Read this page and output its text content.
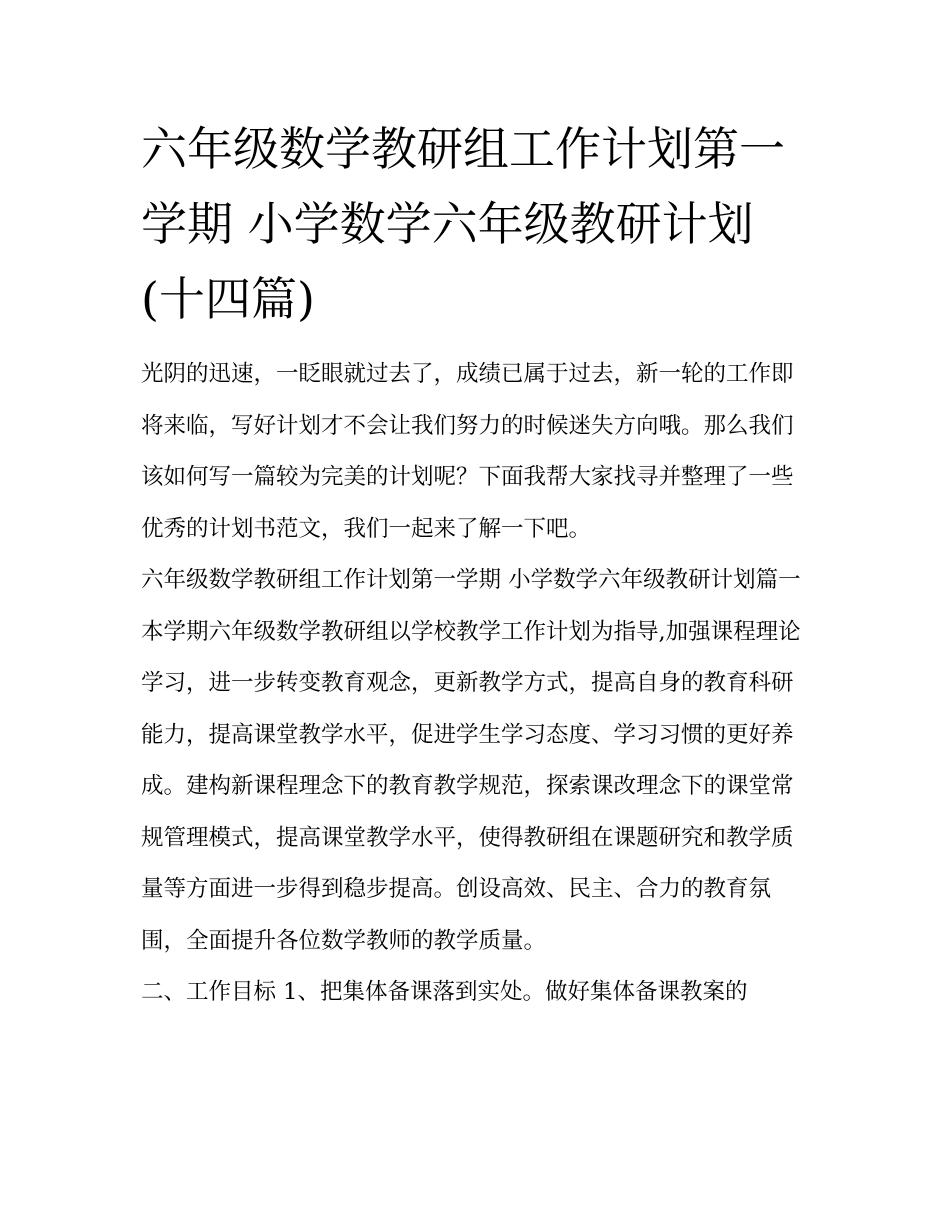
六年级数学教研组工作计划第一学期 小学数学六年级教研计划(十四篇)

光阴的迅速，一眨眼就过去了，成绩已属于过去，新一轮的工作即将来临，写好计划才不会让我们努力的时候迷失方向哦。那么我们该如何写一篇较为完美的计划呢？下面我帮大家找寻并整理了一些优秀的计划书范文，我们一起来了解一下吧。

六年级数学教研组工作计划第一学期 小学数学六年级教研计划篇一

本学期六年级数学教研组以学校教学工作计划为指导,加强课程理论学习，进一步转变教育观念，更新教学方式，提高自身的教育科研能力，提高课堂教学水平，促进学生学习态度、学习习惯的更好养成。建构新课程理念下的教育教学规范，探索课改理念下的课堂常规管理模式，提高课堂教学水平，使得教研组在课题研究和教学质量等方面进一步得到稳步提高。创设高效、民主、合力的教育氛围，全面提升各位数学教师的教学质量。

二、工作目标 1、把集体备课落到实处。做好集体备课教案的
